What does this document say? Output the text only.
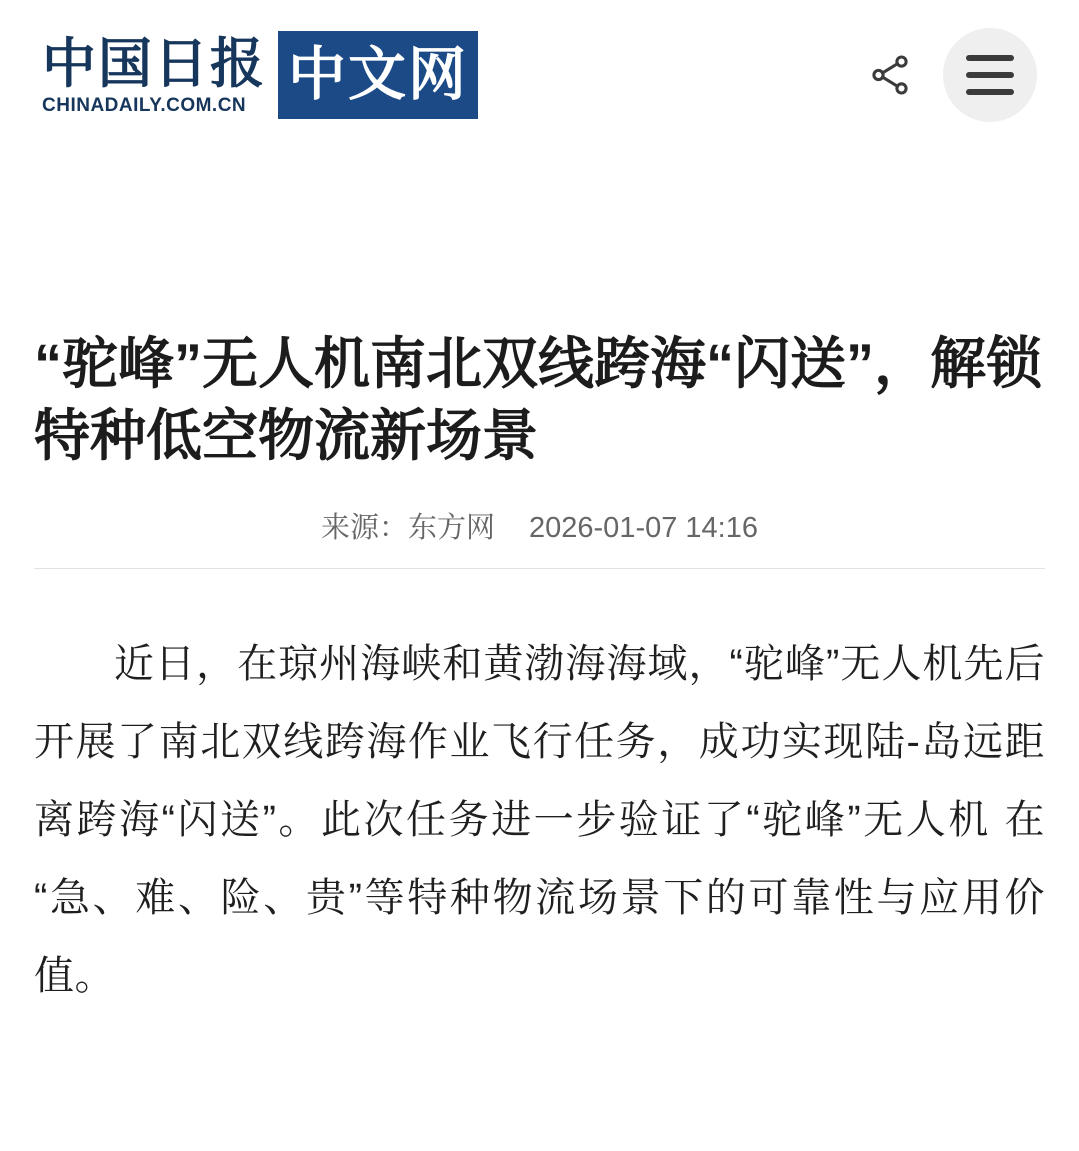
中国日报
CHINADAILY.COM.CN 中文网
“驼峰”无人机南北双线跨海“闪送”，解锁特种低空物流新场景
来源：东方网 2026-01-07 14:16

近日，在琼州海峡和黄渤海海域，“驼峰”无人机先后开展了南北双线跨海作业飞行任务，成功实现陆-岛远距离跨海“闪送”。此次任务进一步验证了“驼峰”无人机 在“急、难、险、贵”等特种物流场景下的可靠性与应用价值。
